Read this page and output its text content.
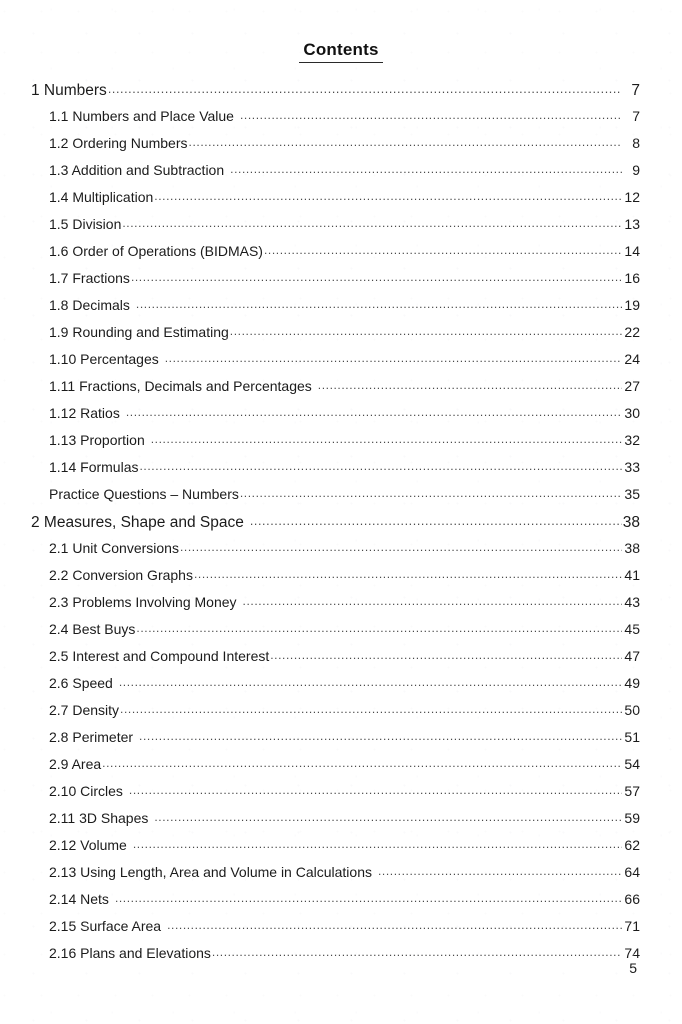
Contents
1 Numbers .....	7
1.1 Numbers and Place Value .....	7
1.2 Ordering Numbers .....	8
1.3 Addition and Subtraction .....	9
1.4 Multiplication .....	12
1.5 Division .....	13
1.6 Order of Operations (BIDMAS) .....	14
1.7 Fractions .....	16
1.8 Decimals .....	19
1.9 Rounding and Estimating .....	22
1.10 Percentages .....	24
1.11 Fractions, Decimals and Percentages .....	27
1.12 Ratios .....	30
1.13 Proportion .....	32
1.14 Formulas .....	33
Practice Questions – Numbers .....	35
2 Measures, Shape and Space .....	38
2.1 Unit Conversions .....	38
2.2 Conversion Graphs .....	41
2.3 Problems Involving Money .....	43
2.4 Best Buys .....	45
2.5 Interest and Compound Interest .....	47
2.6 Speed .....	49
2.7 Density .....	50
2.8 Perimeter .....	51
2.9 Area .....	54
2.10 Circles .....	57
2.11 3D Shapes .....	59
2.12 Volume .....	62
2.13 Using Length, Area and Volume in Calculations .....	64
2.14 Nets .....	66
2.15 Surface Area .....	71
2.16 Plans and Elevations .....	74
5
